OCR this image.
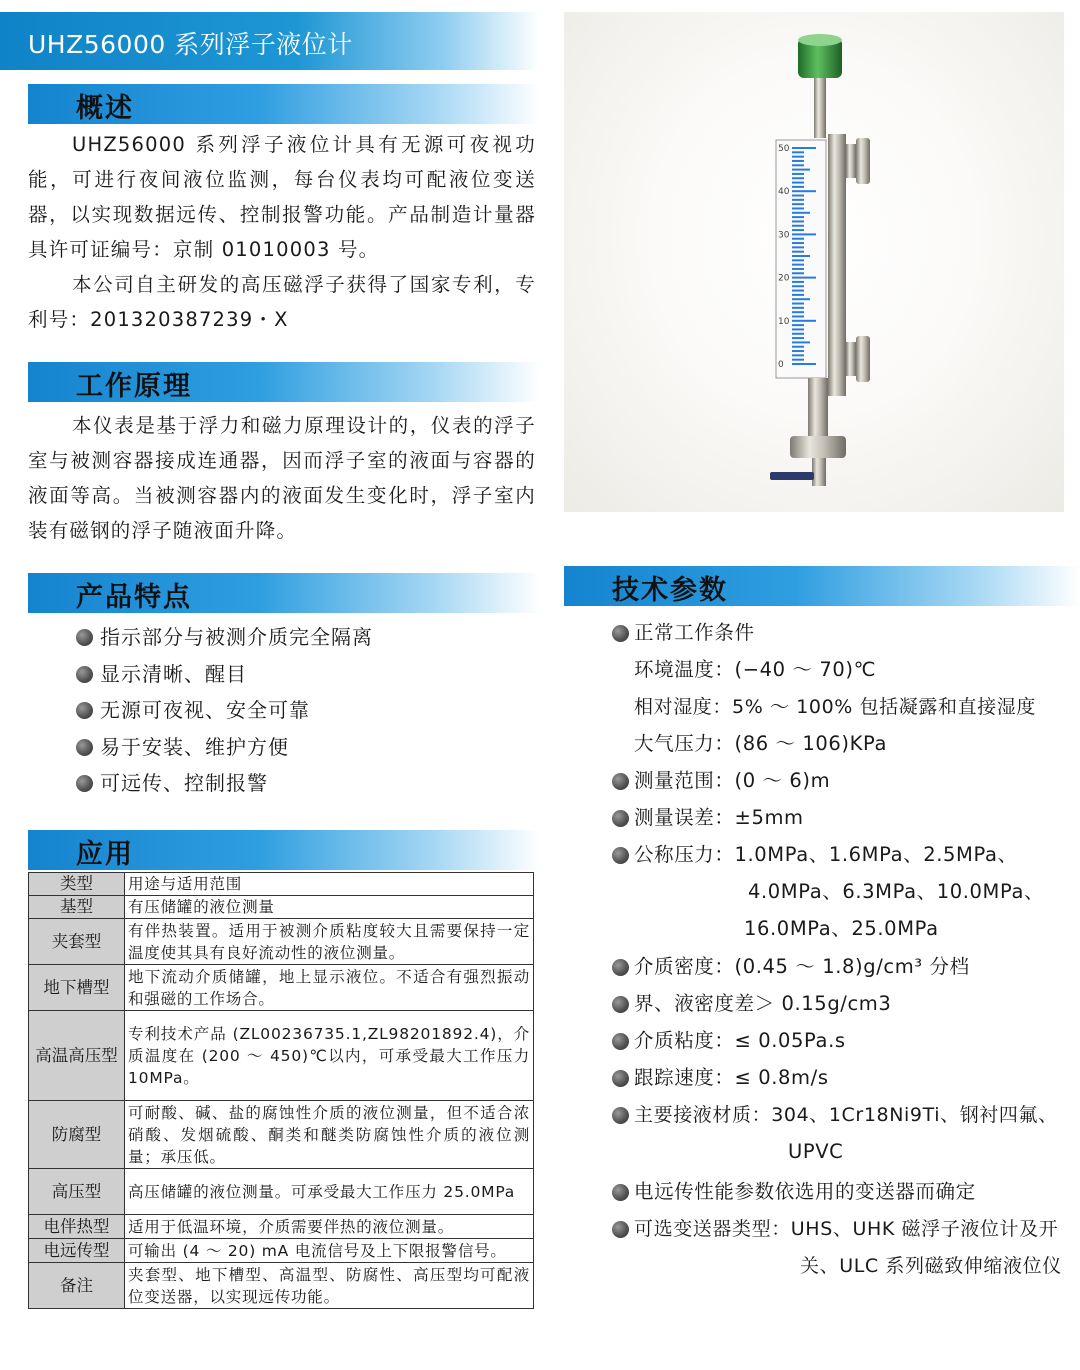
UHZ56000 系列浮子液位计
概述

UHZ56000 系列浮子液位计具有无源可夜视功能，可进行夜间液位监测，每台仪表均可配液位变送器，以实现数据远传、控制报警功能。产品制造计量器具许可证编号：京制 01010003 号。

本公司自主研发的高压磁浮子获得了国家专利，专利号：201320387239・X

工作原理

本仪表是基于浮力和磁力原理设计的，仪表的浮子室与被测容器接成连通器，因而浮子室的液面与容器的液面等高。当被测容器内的液面发生变化时，浮子室内装有磁钢的浮子随液面升降。

产品特点
指示部分与被测介质完全隔离
显示清晰、醒目
无源可夜视、安全可靠
易于安装、维护方便
可远传、控制报警
应用
类型	用途与适用范围
基型	有压储罐的液位测量
夹套型	有伴热装置。适用于被测介质粘度较大且需要保持一定温度使其具有良好流动性的液位测量。
地下槽型	地下流动介质储罐，地上显示液位。不适合有强烈振动和强磁的工作场合。
高温高压型	专利技术产品 (ZL00236735.1,ZL98201892.4)，介质温度在 (200 ～ 450)℃以内，可承受最大工作压力 10MPa。
防腐型	可耐酸、碱、盐的腐蚀性介质的液位测量，但不适合浓硝酸、发烟硫酸、酮类和醚类防腐蚀性介质的液位测量；承压低。
高压型	高压储罐的液位测量。可承受最大工作压力 25.0MPa
电伴热型	适用于低温环境，介质需要伴热的液位测量。
电远传型	可输出 (4 ～ 20) mA 电流信号及上下限报警信号。
备注	夹套型、地下槽型、高温型、防腐性、高压型均可配液位变送器，以实现远传功能。
50
40
30
20
10
0
技术参数
正常工作条件
环境温度：(−40 ～ 70)℃
相对湿度：5% ～ 100% 包括凝露和直接湿度
大气压力：(86 ～ 106)KPa
测量范围：(0 ～ 6)m
测量误差：±5mm
公称压力：1.0MPa、1.6MPa、2.5MPa、
4.0MPa、6.3MPa、10.0MPa、
16.0MPa、25.0MPa
介质密度：(0.45 ～ 1.8)g/cm³ 分档
界、液密度差＞ 0.15g/cm3
介质粘度：≤ 0.05Pa.s
跟踪速度：≤ 0.8m/s
主要接液材质：304、1Cr18Ni9Ti、钢衬四氟、
UPVC
电远传性能参数依选用的变送器而确定
可选变送器类型：UHS、UHK 磁浮子液位计及开
关、ULC 系列磁致伸缩液位仪
